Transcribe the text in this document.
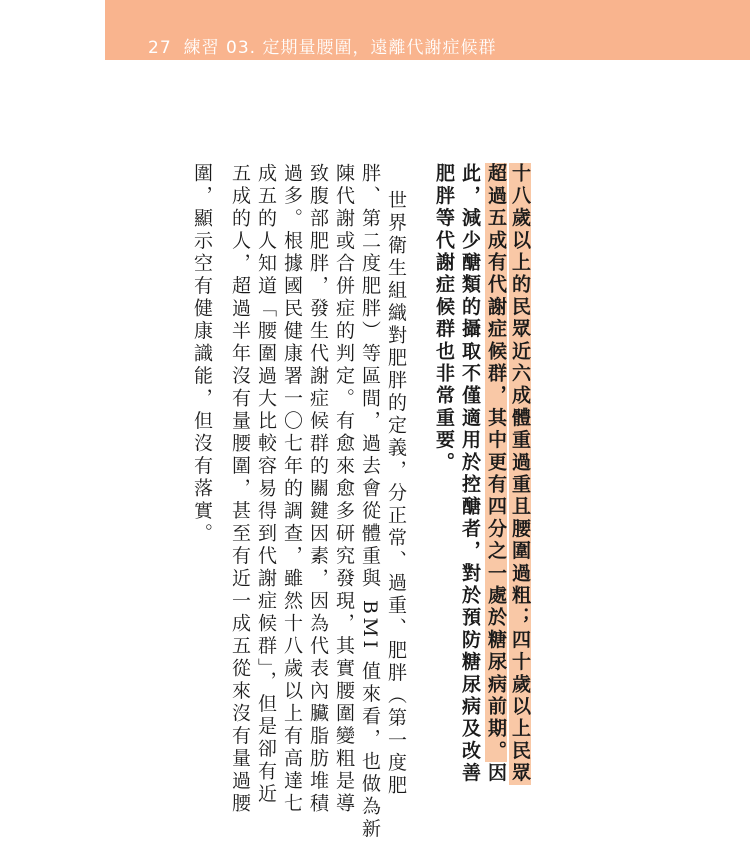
27 練習 03. 定期量腰圍，遠離代謝症候群
十八歲以上的民眾近六成體重過重且腰圍過粗；四十歲以上民眾
超過五成有代謝症候群，其中更有四分之一處於糖尿病前期。因
此，減少醣類的攝取不僅適用於控醣者，對於預防糖尿病及改善
肥胖等代謝症候群也非常重要。
世界衛生組織對肥胖的定義，分正常、過重、肥胖（第一度肥
胖、第二度肥胖）等區間，過去會從體重與 BMI 值來看，也做為新
陳代謝或合併症的判定。有愈來愈多研究發現，其實腰圍變粗是導
致腹部肥胖，發生代謝症候群的關鍵因素，因為代表內臟脂肪堆積
過多。根據國民健康署一〇七年的調查，雖然十八歲以上有高達七
成五的人知道「腰圍過大比較容易得到代謝症候群」，但是卻有近
五成的人，超過半年沒有量腰圍，甚至有近一成五從來沒有量過腰
圍，顯示空有健康識能，但沒有落實。
